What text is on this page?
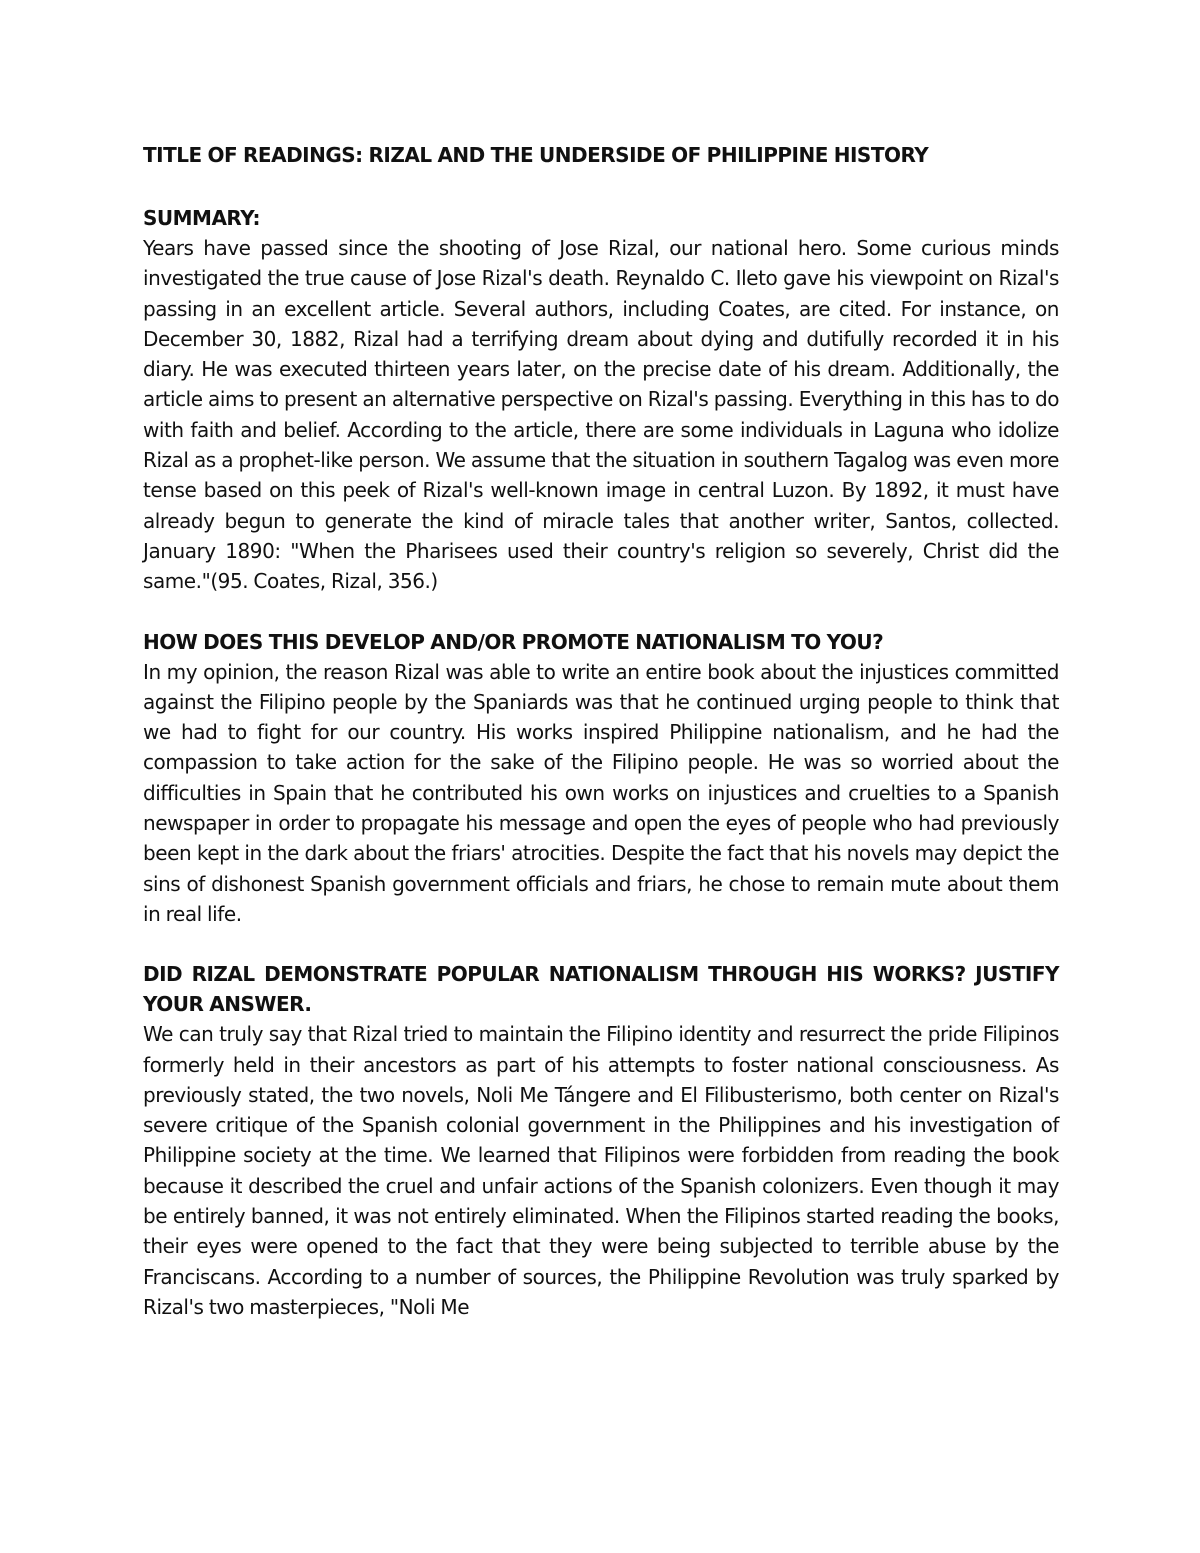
TITLE OF READINGS: RIZAL AND THE UNDERSIDE OF PHILIPPINE HISTORY
SUMMARY:

Years have passed since the shooting of Jose Rizal, our national hero. Some curious minds investigated the true cause of Jose Rizal's death. Reynaldo C. Ileto gave his viewpoint on Rizal's passing in an excellent article. Several authors, including Coates, are cited. For instance, on December 30, 1882, Rizal had a terrifying dream about dying and dutifully recorded it in his diary. He was executed thirteen years later, on the precise date of his dream. Additionally, the article aims to present an alternative perspective on Rizal's passing. Everything in this has to do with faith and belief. According to the article, there are some individuals in Laguna who idolize Rizal as a prophet-like person. We assume that the situation in southern Tagalog was even more tense based on this peek of Rizal's well-known image in central Luzon. By 1892, it must have already begun to generate the kind of miracle tales that another writer, Santos, collected. January 1890: "When the Pharisees used their country's religion so severely, Christ did the same."(95. Coates, Rizal, 356.)

HOW DOES THIS DEVELOP AND/OR PROMOTE NATIONALISM TO YOU?

In my opinion, the reason Rizal was able to write an entire book about the injustices committed against the Filipino people by the Spaniards was that he continued urging people to think that we had to fight for our country. His works inspired Philippine nationalism, and he had the compassion to take action for the sake of the Filipino people. He was so worried about the difficulties in Spain that he contributed his own works on injustices and cruelties to a Spanish newspaper in order to propagate his message and open the eyes of people who had previously been kept in the dark about the friars' atrocities. Despite the fact that his novels may depict the sins of dishonest Spanish government officials and friars, he chose to remain mute about them in real life.

DID RIZAL DEMONSTRATE POPULAR NATIONALISM THROUGH HIS WORKS? JUSTIFY YOUR ANSWER.

We can truly say that Rizal tried to maintain the Filipino identity and resurrect the pride Filipinos formerly held in their ancestors as part of his attempts to foster national consciousness. As previously stated, the two novels, Noli Me Tángere and El Filibusterismo, both center on Rizal's severe critique of the Spanish colonial government in the Philippines and his investigation of Philippine society at the time. We learned that Filipinos were forbidden from reading the book because it described the cruel and unfair actions of the Spanish colonizers. Even though it may be entirely banned, it was not entirely eliminated. When the Filipinos started reading the books, their eyes were opened to the fact that they were being subjected to terrible abuse by the Franciscans. According to a number of sources, the Philippine Revolution was truly sparked by Rizal's two masterpieces, "Noli Me
